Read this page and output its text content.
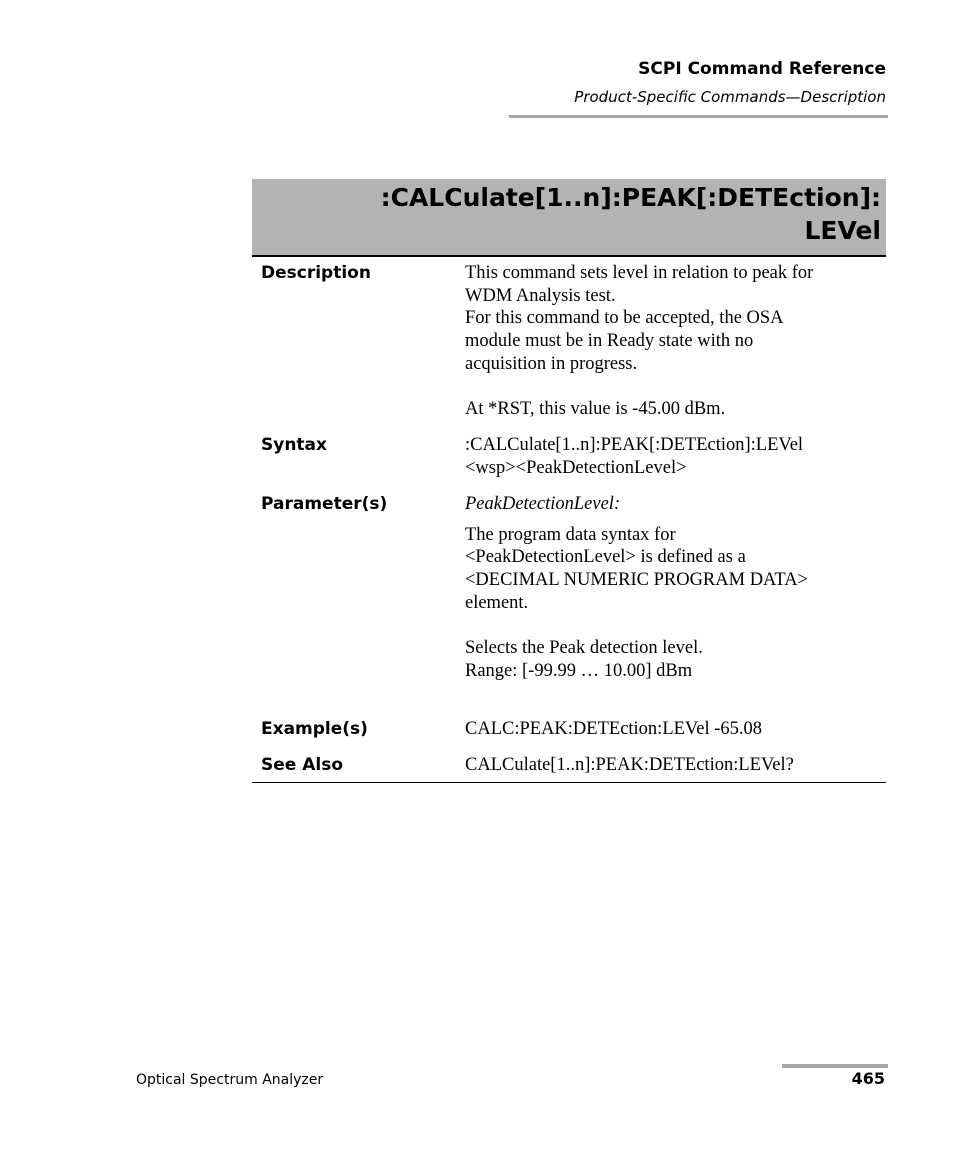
SCPI Command Reference
Product-Specific Commands—Description
:CALCulate[1..n]:PEAK[:DETEction]:
LEVel
Description	This command sets level in relation to peak for
WDM Analysis test.
For this command to be accepted, the OSA
module must be in Ready state with no
acquisition in progress.
At *RST, this value is -45.00 dBm.
Syntax	:CALCulate[1..n]:PEAK[:DETEction]:LEVel
<wsp><PeakDetectionLevel>
Parameter(s)	PeakDetectionLevel:
The program data syntax for
<PeakDetectionLevel> is defined as a
<DECIMAL NUMERIC PROGRAM DATA>
element.
Selects the Peak detection level.
Range: [-99.99 … 10.00] dBm
Example(s)	CALC:PEAK:DETEction:LEVel -65.08
See Also	CALCulate[1..n]:PEAK:DETEction:LEVel?
Optical Spectrum Analyzer	465
